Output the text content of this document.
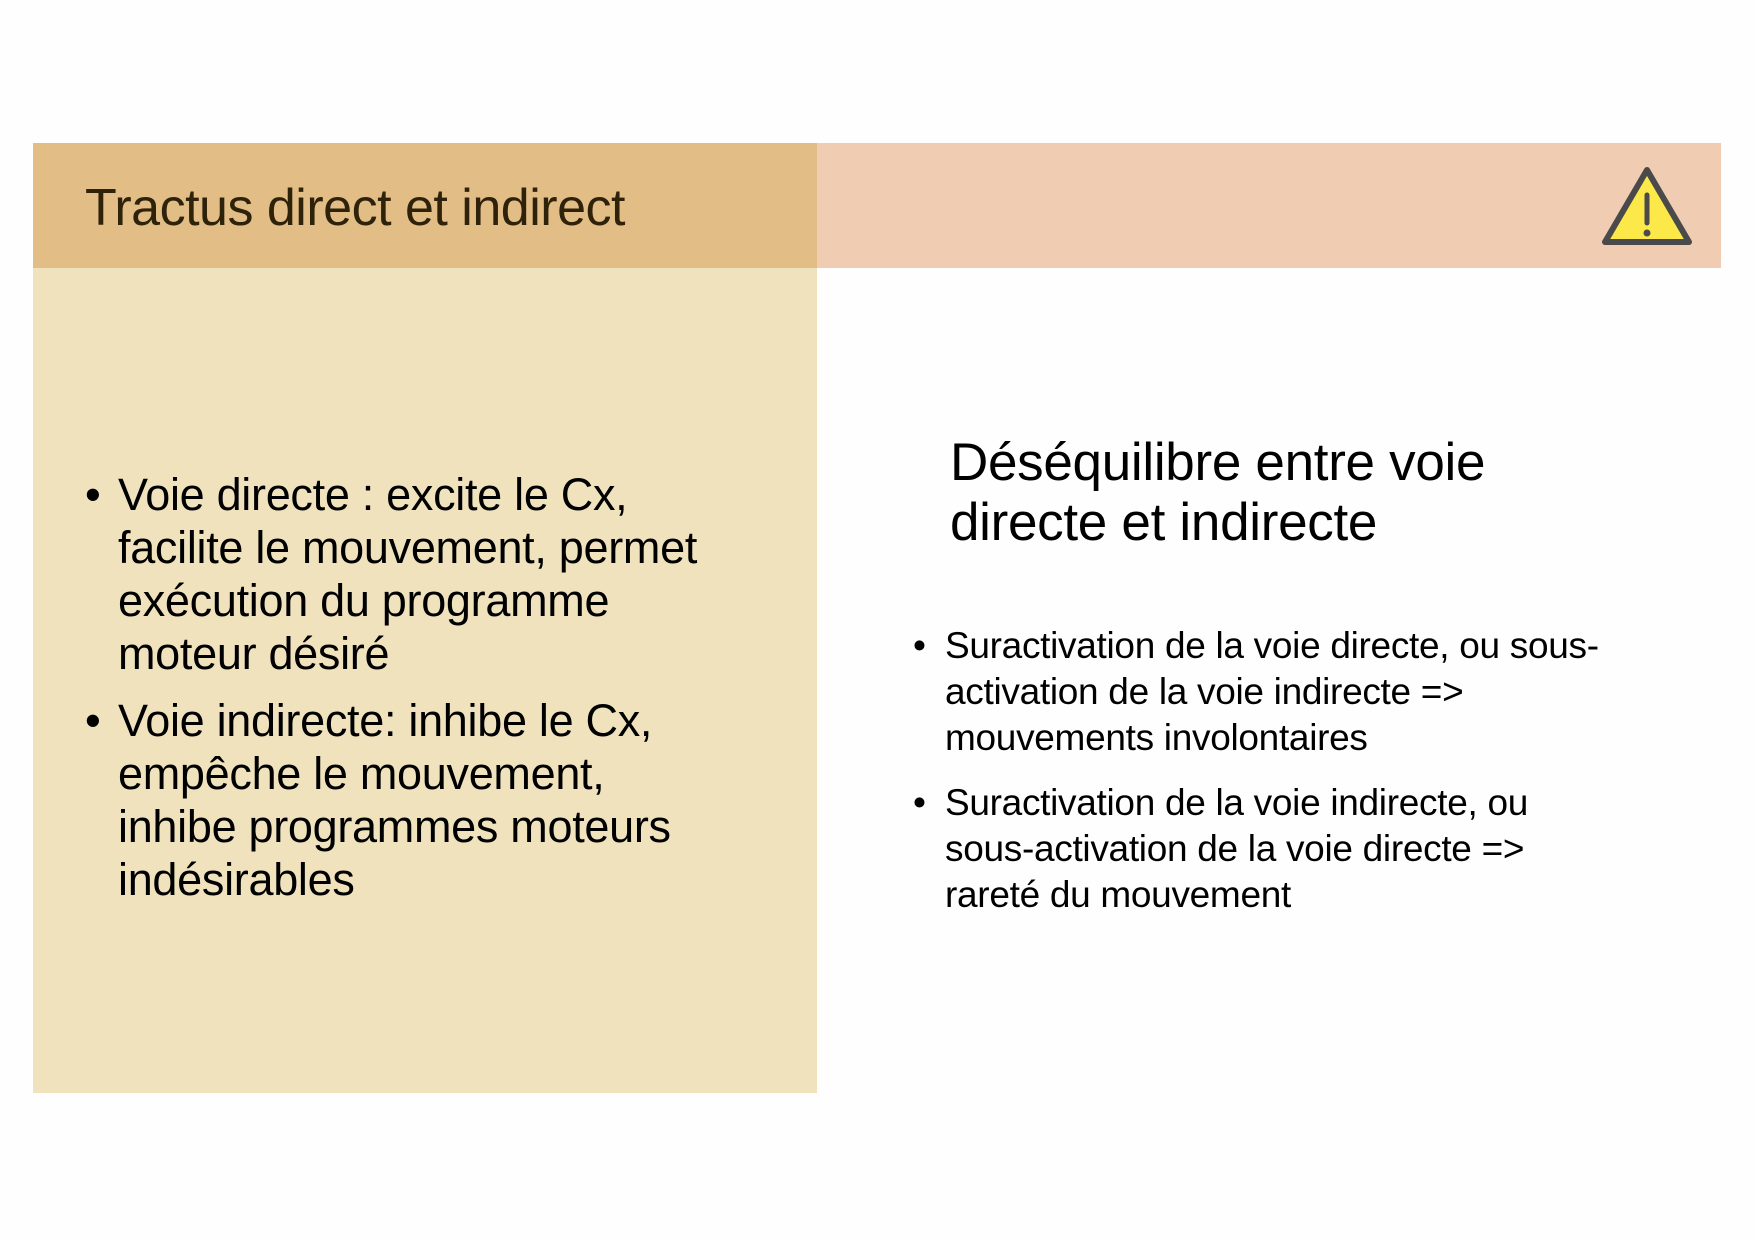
Tractus direct et indirect
• Voie directe : excite le Cx,
facilite le mouvement, permet
exécution du programme
moteur désiré
• Voie indirecte: inhibe le Cx,
empêche le mouvement,
inhibe programmes moteurs
indésirables
Déséquilibre entre voie
directe et indirecte
• Suractivation de la voie directe, ou sous-
activation de la voie indirecte =>
mouvements involontaires
• Suractivation de la voie indirecte, ou
sous-activation de la voie directe =>
rareté du mouvement
